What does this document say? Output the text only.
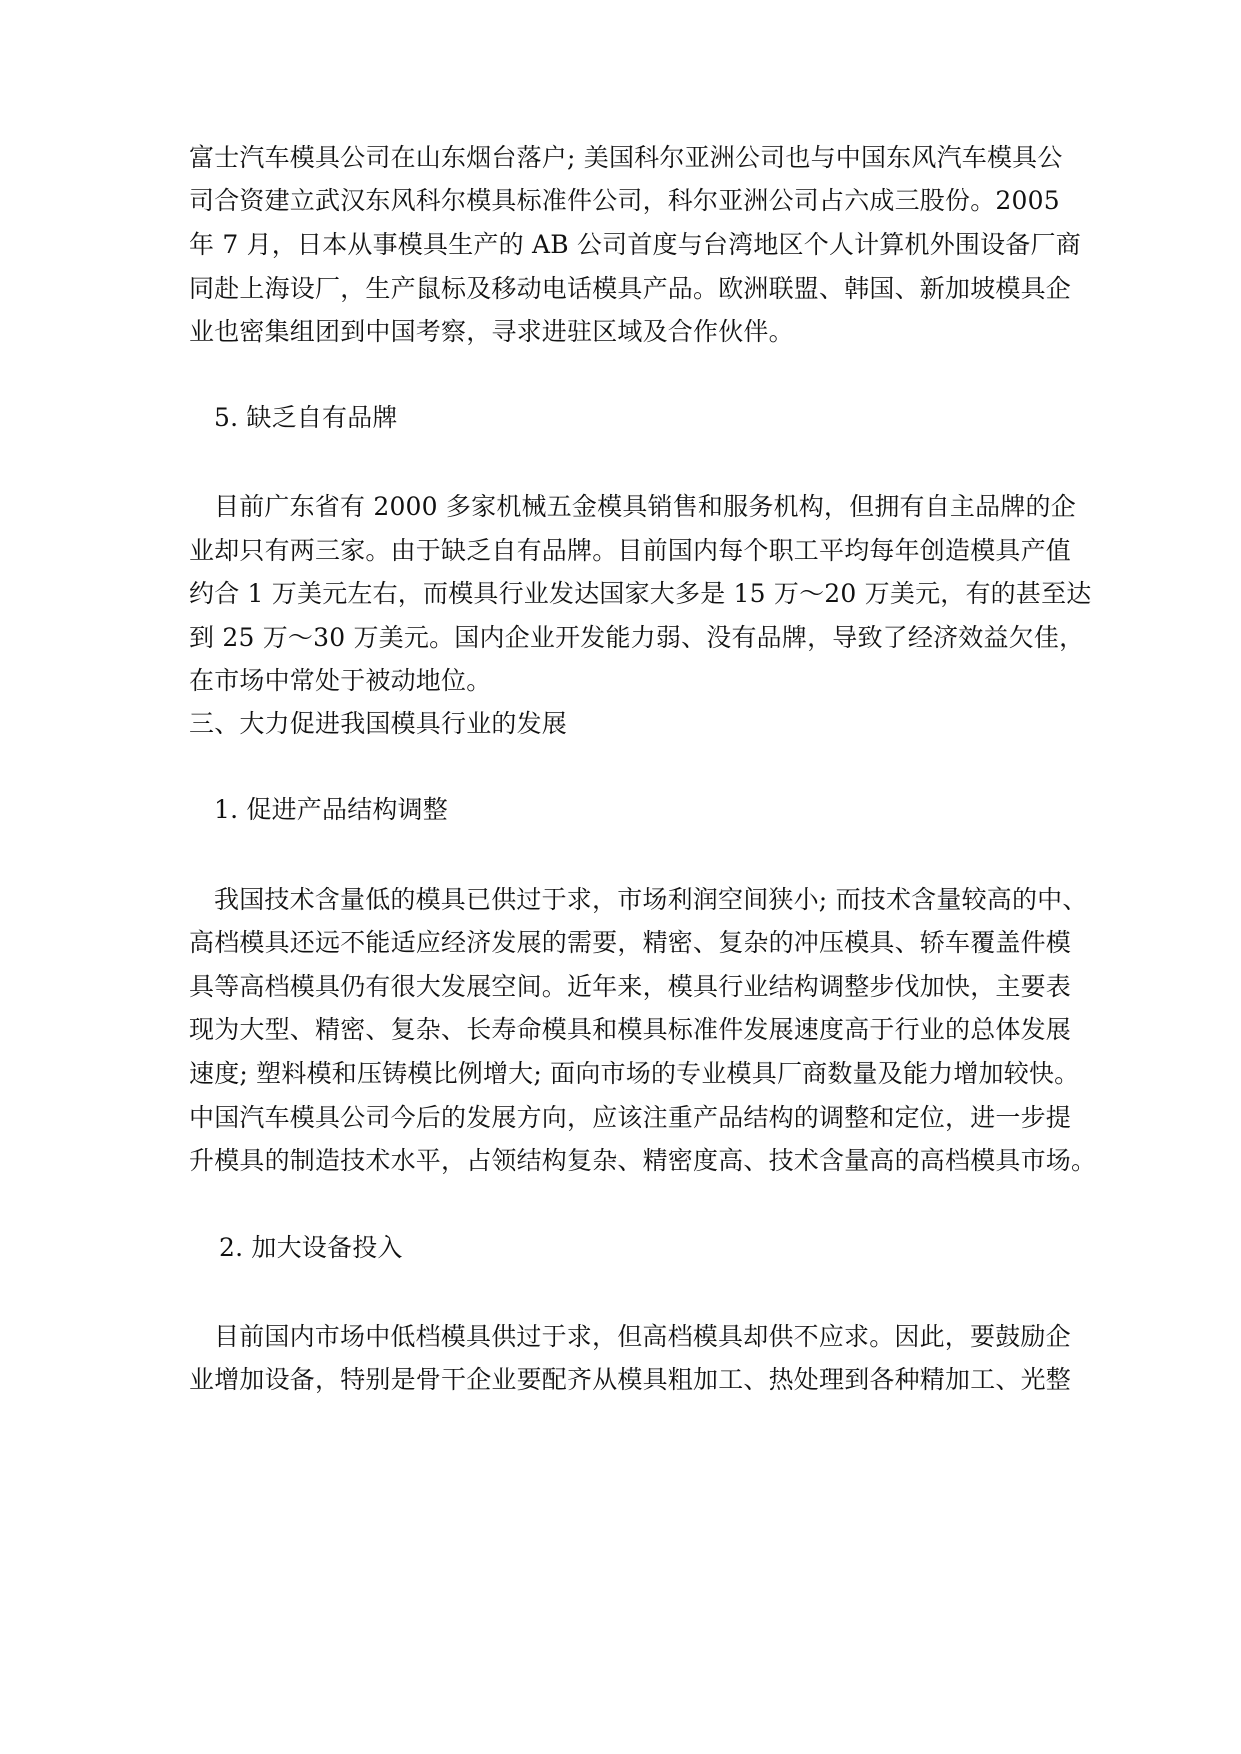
富士汽车模具公司在山东烟台落户; 美国科尔亚洲公司也与中国东风汽车模具公
司合资建立武汉东风科尔模具标准件公司，科尔亚洲公司占六成三股份。2005
年 7 月，日本从事模具生产的 AB 公司首度与台湾地区个人计算机外围设备厂商
同赴上海设厂，生产鼠标及移动电话模具产品。欧洲联盟、韩国、新加坡模具企
业也密集组团到中国考察，寻求进驻区域及合作伙伴。
5. 缺乏自有品牌
目前广东省有 2000 多家机械五金模具销售和服务机构，但拥有自主品牌的企
业却只有两三家。由于缺乏自有品牌。目前国内每个职工平均每年创造模具产值
约合 1 万美元左右，而模具行业发达国家大多是 15 万～20 万美元，有的甚至达
到 25 万～30 万美元。国内企业开发能力弱、没有品牌，导致了经济效益欠佳，
在市场中常处于被动地位。
三、大力促进我国模具行业的发展
1. 促进产品结构调整
我国技术含量低的模具已供过于求，市场利润空间狭小; 而技术含量较高的中、
高档模具还远不能适应经济发展的需要，精密、复杂的冲压模具、轿车覆盖件模
具等高档模具仍有很大发展空间。近年来，模具行业结构调整步伐加快，主要表
现为大型、精密、复杂、长寿命模具和模具标准件发展速度高于行业的总体发展
速度; 塑料模和压铸模比例增大; 面向市场的专业模具厂商数量及能力增加较快。
中国汽车模具公司今后的发展方向，应该注重产品结构的调整和定位，进一步提
升模具的制造技术水平，占领结构复杂、精密度高、技术含量高的高档模具市场。
2. 加大设备投入
目前国内市场中低档模具供过于求，但高档模具却供不应求。因此，要鼓励企
业增加设备，特别是骨干企业要配齐从模具粗加工、热处理到各种精加工、光整
